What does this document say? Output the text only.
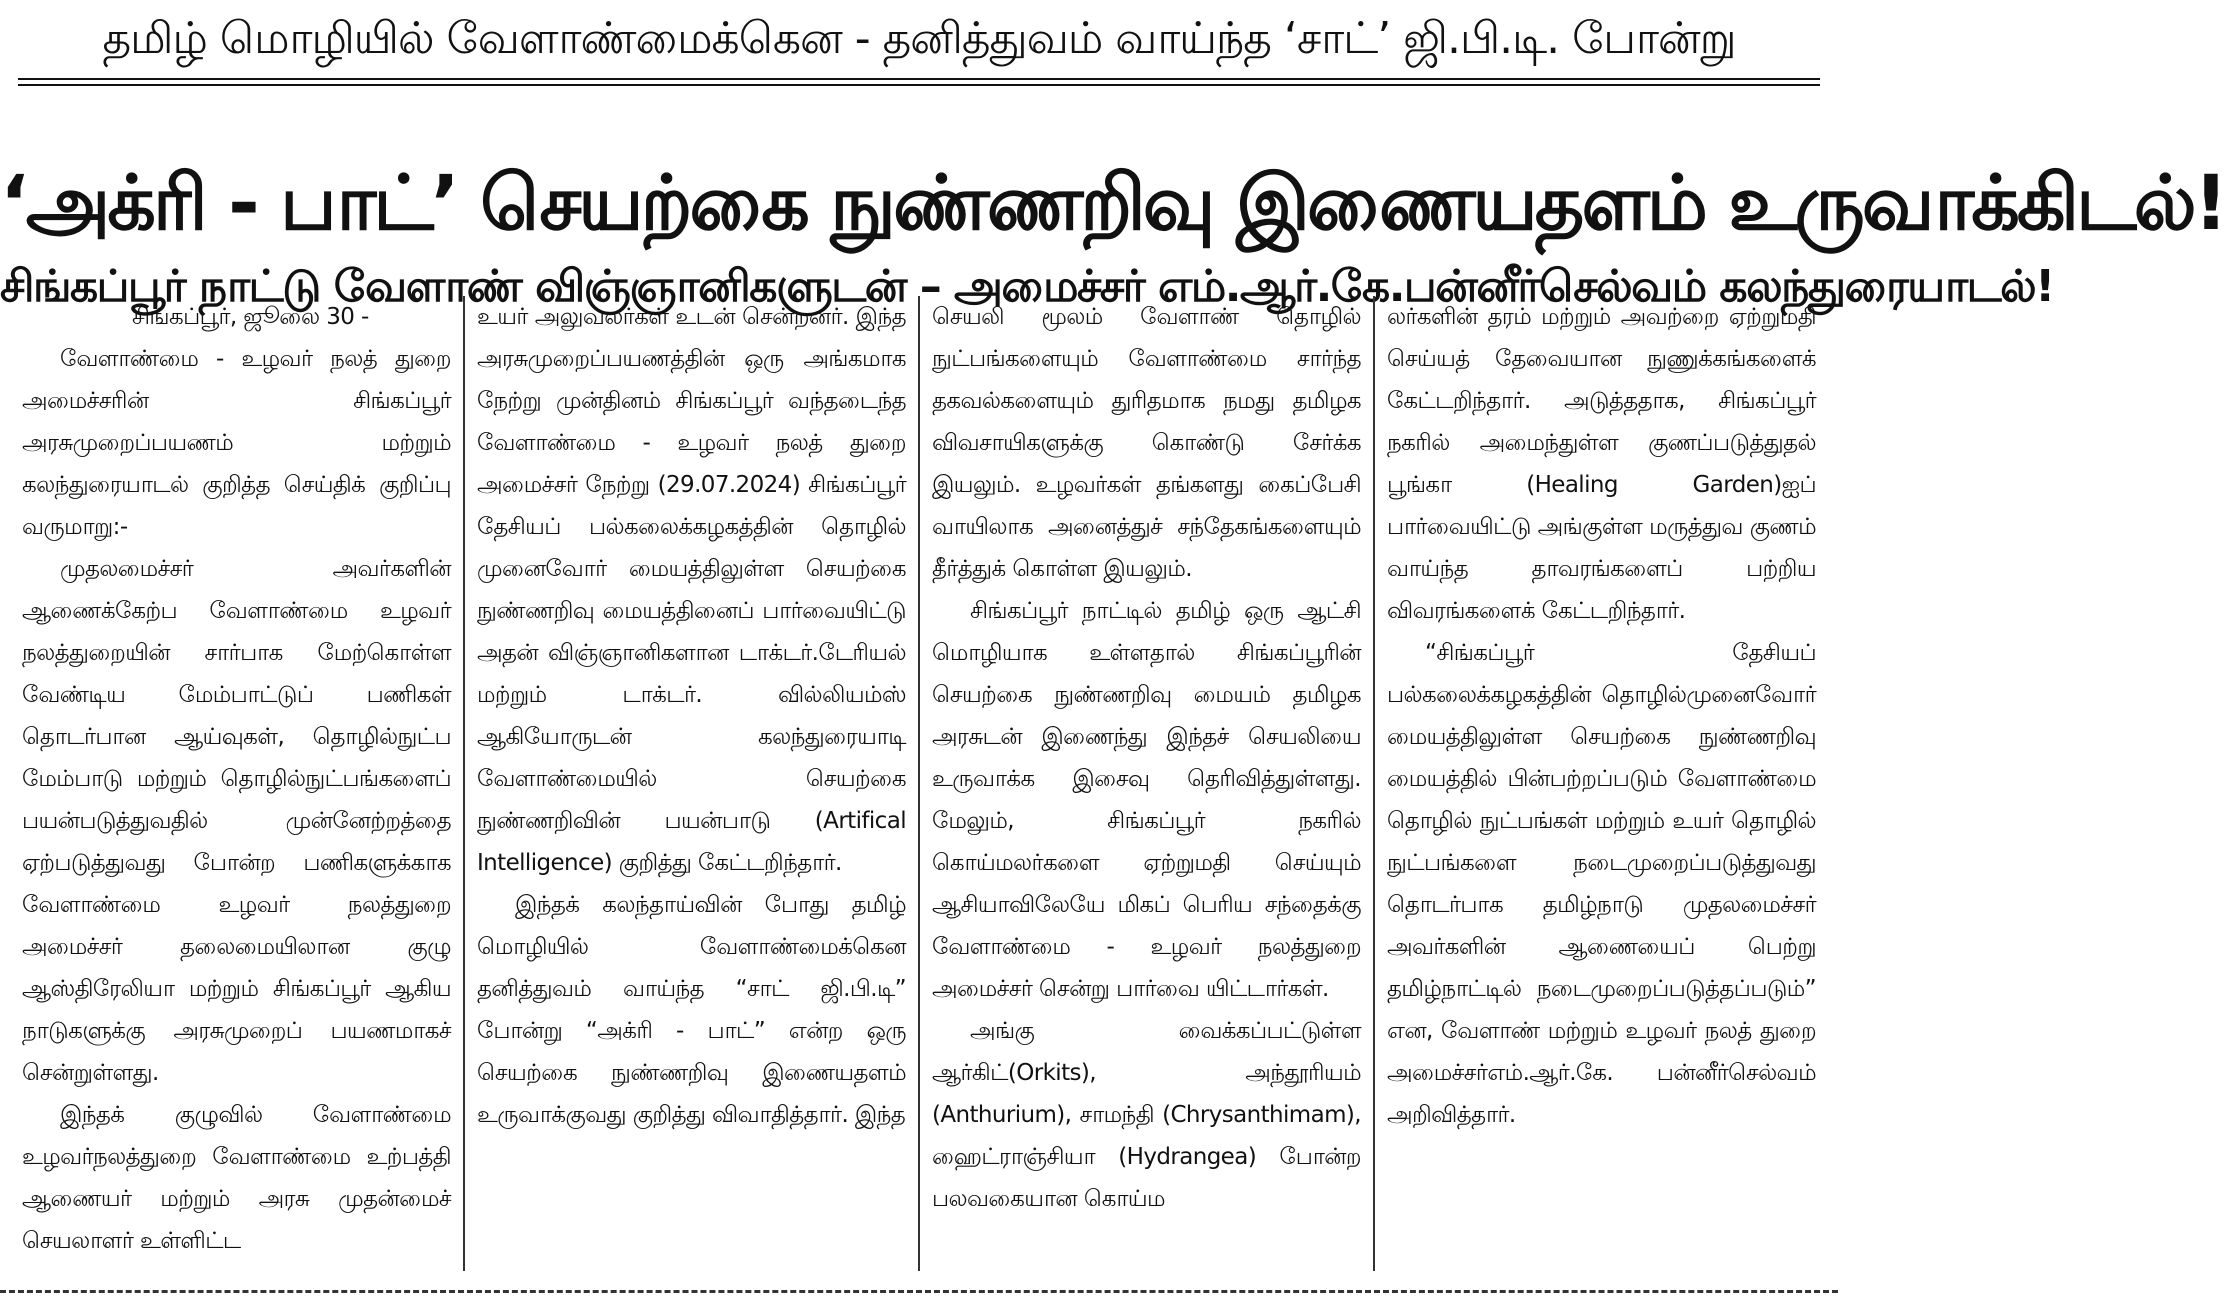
தமிழ் மொழியில் வேளாண்மைக்கென - தனித்துவம் வாய்ந்த ‘சாட்’ ஜி.பி.டி. போன்று
‘அக்ரி - பாட்’ செயற்கை நுண்ணறிவு இணையதளம் உருவாக்கிடல்!
சிங்கப்பூர் நாட்டு வேளாண் விஞ்ஞானிகளுடன் – அமைச்சர் எம்.ஆர்.கே.பன்னீர்செல்வம் கலந்துரையாடல்!

சிங்கப்பூர், ஜூலை 30 -

வேளாண்மை - உழவர் நலத் துறை அமைச்சரின் சிங்கப்பூர் அரசுமுறைப்பயணம் மற்றும் கலந்துரையாடல் குறித்த செய்திக் குறிப்பு வருமாறு:-

முதலமைச்சர் அவர்களின் ஆணைக்கேற்ப வேளாண்மை உழவர் நலத்துறையின் சார்பாக மேற்கொள்ள வேண்டிய மேம்பாட்டுப் பணிகள் தொடர்பான ஆய்வுகள், தொழில்நுட்ப மேம்பாடு மற்றும் தொழில்நுட்பங்களைப் பயன்படுத்துவதில் முன்னேற்றத்தை ஏற்படுத்துவது போன்ற பணிகளுக்காக வேளாண்மை உழவர் நலத்துறை அமைச்சர் தலைமையிலான குழு ஆஸ்திரேலியா மற்றும் சிங்கப்பூர் ஆகிய நாடுகளுக்கு அரசுமுறைப் பயணமாகச் சென்றுள்ளது.

இந்தக் குழுவில் வேளாண்மை உழவர்நலத்துறை வேளாண்மை உற்பத்தி ஆணையர் மற்றும் அரசு முதன்மைச் செயலாளர் உள்ளிட்ட

உயர் அலுவலர்கள் உடன் சென்றனர். இந்த அரசுமுறைப்பயணத்தின் ஒரு அங்கமாக நேற்று முன்தினம் சிங்கப்பூர் வந்தடைந்த வேளாண்மை - உழவர் நலத் துறை அமைச்சர் நேற்று (29.07.2024) சிங்கப்பூர் தேசியப் பல்கலைக்கழகத்தின் தொழில் முனைவோர் மையத்திலுள்ள செயற்கை நுண்ணறிவு மையத்தினைப் பார்வையிட்டு அதன் விஞ்ஞானிகளான டாக்டர்.டேரியல் மற்றும் டாக்டர். வில்லியம்ஸ் ஆகியோருடன் கலந்துரையாடி வேளாண்மையில் செயற்கை நுண்ணறிவின் பயன்பாடு (Artifical Intelligence) குறித்து கேட்டறிந்தார்.

இந்தக் கலந்தாய்வின் போது தமிழ் மொழியில் வேளாண்மைக்கென தனித்துவம் வாய்ந்த “சாட் ஜி.பி.டி” போன்று “அக்ரி - பாட்” என்ற ஒரு செயற்கை நுண்ணறிவு இணையதளம் உருவாக்குவது குறித்து விவாதித்தார். இந்த

செயலி மூலம் வேளாண் தொழில் நுட்பங்களையும் வேளாண்மை சார்ந்த தகவல்களையும் துரிதமாக நமது தமிழக விவசாயிகளுக்கு கொண்டு சேர்க்க இயலும். உழவர்கள் தங்களது கைப்பேசி வாயிலாக அனைத்துச் சந்தேகங்களையும் தீர்த்துக் கொள்ள இயலும்.

சிங்கப்பூர் நாட்டில் தமிழ் ஒரு ஆட்சி மொழியாக உள்ளதால் சிங்கப்பூரின் செயற்கை நுண்ணறிவு மையம் தமிழக அரசுடன் இணைந்து இந்தச் செயலியை உருவாக்க இசைவு தெரிவித்துள்ளது. மேலும், சிங்கப்பூர் நகரில் கொய்மலர்களை ஏற்றுமதி செய்யும் ஆசியாவிலேயே மிகப் பெரிய சந்தைக்கு வேளாண்மை - உழவர் நலத்துறை அமைச்சர் சென்று பார்வை யிட்டார்கள்.

அங்கு வைக்கப்பட்டுள்ள ஆர்கிட்(Orkits), அந்தூரியம் (Anthurium), சாமந்தி (Chrysanthimam), ஹைட்ராஞ்சியா (Hydrangea) போன்ற பலவகையான கொய்ம

லர்களின் தரம் மற்றும் அவற்றை ஏற்றுமதி செய்யத் தேவையான நுணுக்கங்களைக் கேட்டறிந்தார். அடுத்ததாக, சிங்கப்பூர் நகரில் அமைந்துள்ள குணப்படுத்துதல் பூங்கா (Healing Garden)ஐப் பார்வையிட்டு அங்குள்ள மருத்துவ குணம் வாய்ந்த தாவரங்களைப் பற்றிய விவரங்களைக் கேட்டறிந்தார்.

“சிங்கப்பூர் தேசியப் பல்கலைக்கழகத்தின் தொழில்முனைவோர் மையத்திலுள்ள செயற்கை நுண்ணறிவு மையத்தில் பின்பற்றப்படும் வேளாண்மை தொழில் நுட்பங்கள் மற்றும் உயர் தொழில் நுட்பங்களை நடைமுறைப்படுத்துவது தொடர்பாக தமிழ்நாடு முதலமைச்சர் அவர்களின் ஆணையைப் பெற்று தமிழ்நாட்டில் நடைமுறைப்படுத்தப்படும்” என, வேளாண் மற்றும் உழவர் நலத் துறை அமைச்சர்எம்.ஆர்.கே. பன்னீர்செல்வம் அறிவித்தார்.
